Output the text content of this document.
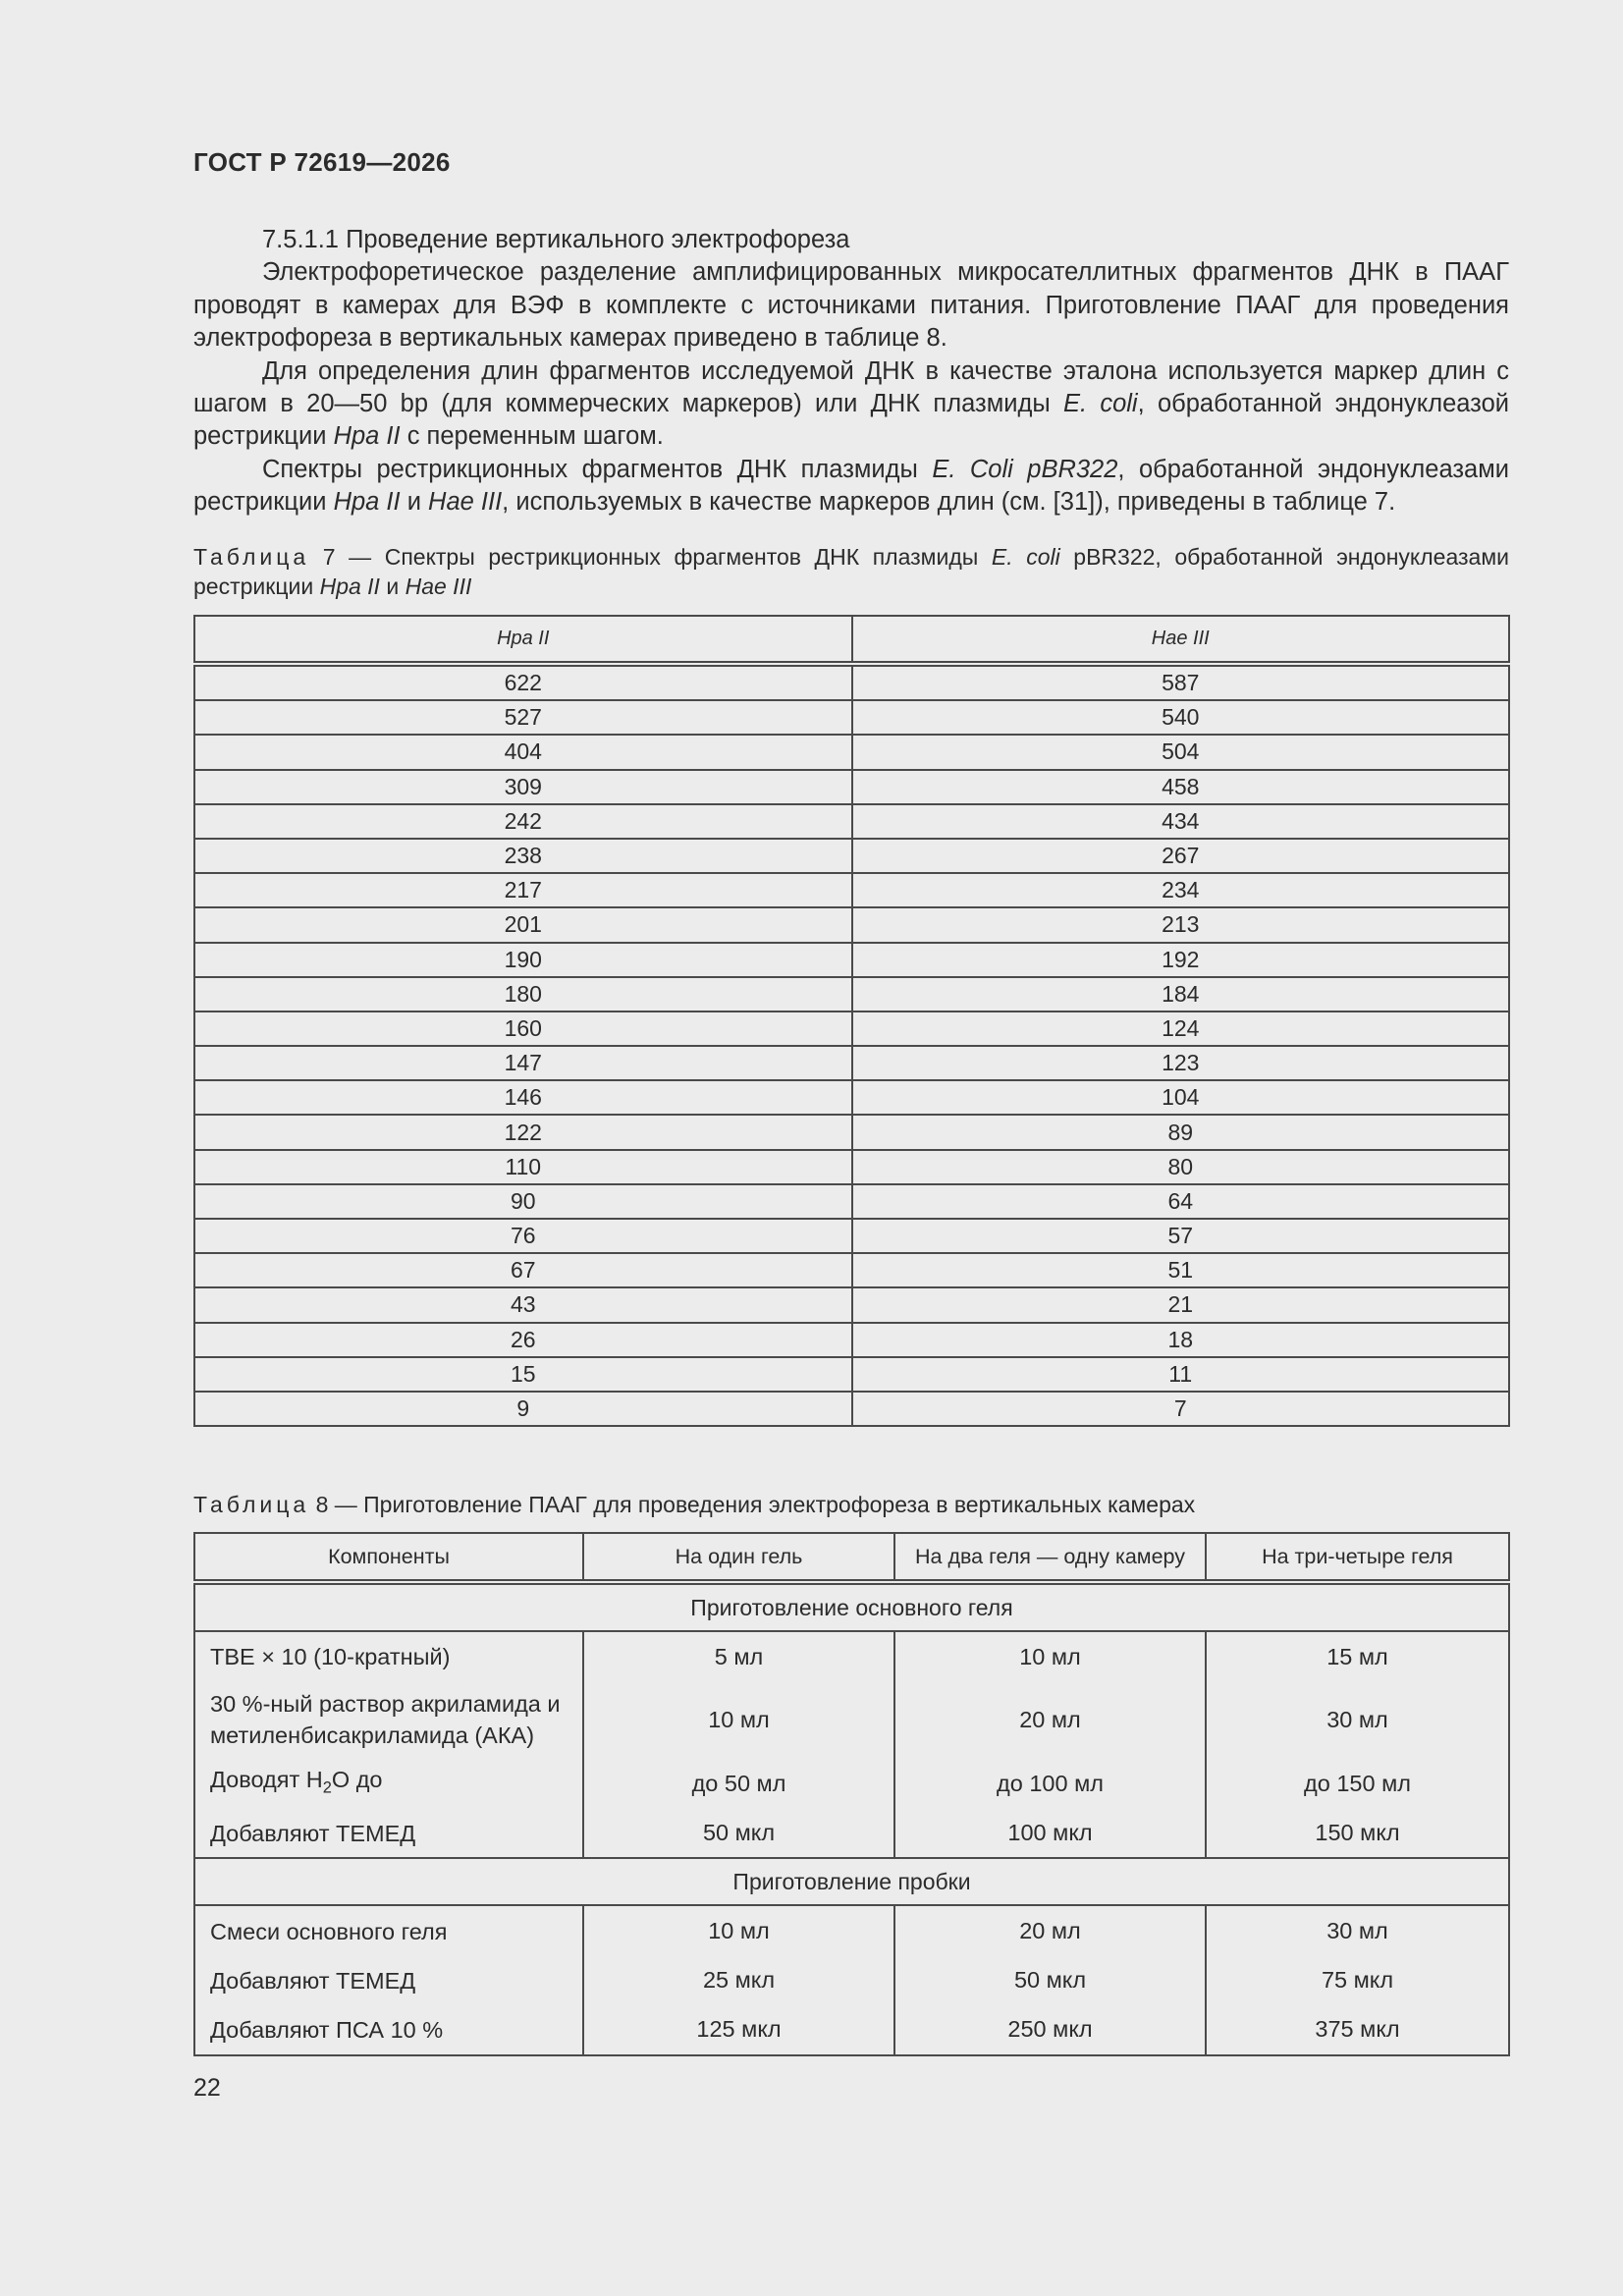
ГОСТ Р 72619—2026

7.5.1.1 Проведение вертикального электрофореза

Электрофоретическое разделение амплифицированных микросателлитных фрагментов ДНК в ПААГ проводят в камерах для ВЭФ в комплекте с источниками питания. Приготовление ПААГ для проведения электрофореза в вертикальных камерах приведено в таблице 8.

Для определения длин фрагментов исследуемой ДНК в качестве эталона используется маркер длин с шагом в 20—50 bp (для коммерческих маркеров) или ДНК плазмиды E. coli, обработанной эндонуклеазой рестрикции Hpa II с переменным шагом.

Спектры рестрикционных фрагментов ДНК плазмиды E. Coli pBR322, обработанной эндонуклеазами рестрикции Hpa II и Hae III, используемых в качестве маркеров длин (см. [31]), приведены в таблице 7.

Таблица 7 — Спектры рестрикционных фрагментов ДНК плазмиды E. coli pBR322, обработанной эндонуклеазами рестрикции Hpa II и Hae III
Hpa II	Hae III
622	587
527	540
404	504
309	458
242	434
238	267
217	234
201	213
190	192
180	184
160	124
147	123
146	104
122	89
110	80
90	64
76	57
67	51
43	21
26	18
15	11
9	7
Таблица 8 — Приготовление ПААГ для проведения электрофореза в вертикальных камерах
Компоненты	На один гель	На два геля — одну камеру	На три-четыре геля
Приготовление основного геля			
TBE × 10 (10-кратный)	5 мл	10 мл	15 мл
30 %-ный раствор акриламида и метиленбисакриламида (АКА)	10 мл	20 мл	30 мл
Доводят $H_2O$ до	до 50 мл	до 100 мл	до 150 мл
Добавляют ТЕМЕД	50 мкл	100 мкл	150 мкл
Приготовление пробки			
Смеси основного геля	10 мл	20 мл	30 мл
Добавляют ТЕМЕД	25 мкл	50 мкл	75 мкл
Добавляют ПСА 10 %	125 мкл	250 мкл	375 мкл
22
